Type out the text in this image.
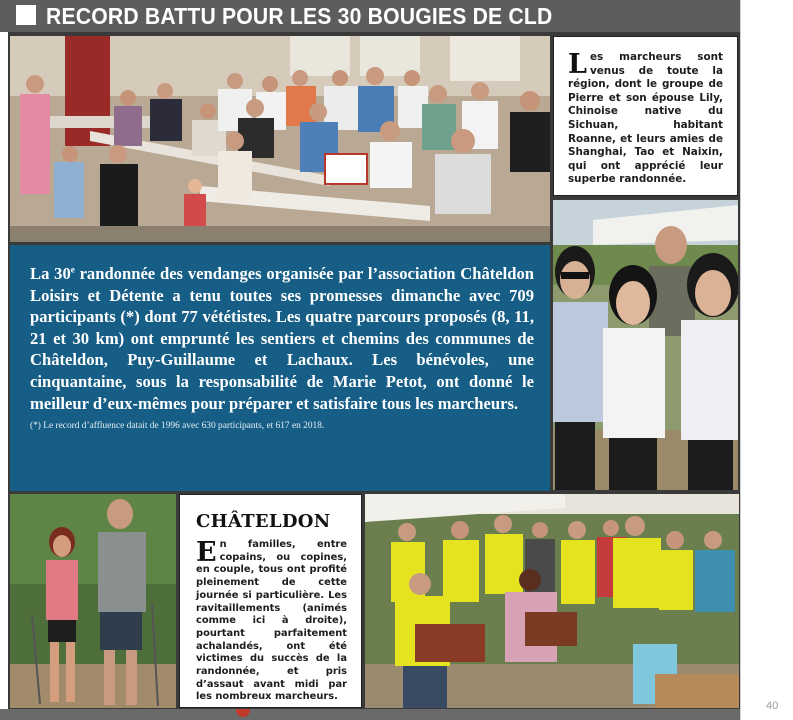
40
RECORD BATTU POUR LES 30 BOUGIES DE CLD
Les marcheurs sont venus de toute la région, dont le groupe de Pierre et son épouse Lily, Chinoise native du Sichuan, habitant Roanne, et leurs amies de Shanghai, Tao et Naixin, qui ont apprécié leur superbe randonnée.
La 30e randonnée des vendanges organisée par l’association Châteldon Loisirs et Détente a tenu toutes ses promesses dimanche avec 709 participants (*) dont 77 vététistes. Les quatre parcours proposés (8, 11, 21 et 30 km) ont emprunté les sentiers et chemins des communes de Châteldon, Puy-Guillaume et Lachaux. Les bénévoles, une cinquantaine, sous la responsabilité de Marie Petot, ont donné le meilleur d’eux-mêmes pour préparer et satisfaire tous les marcheurs.
(*) Le record d’affluence datait de 1996 avec 630 participants, et 617 en 2018.
CHÂTELDON
En familles, entre copains, ou copines, en couple, tous ont profité pleinement de cette journée si particulière. Les ravitaillements (animés comme ici à droite), pourtant parfaitement achalandés, ont été victimes du succès de la randonnée, et pris d’assaut avant midi par les nombreux marcheurs.
